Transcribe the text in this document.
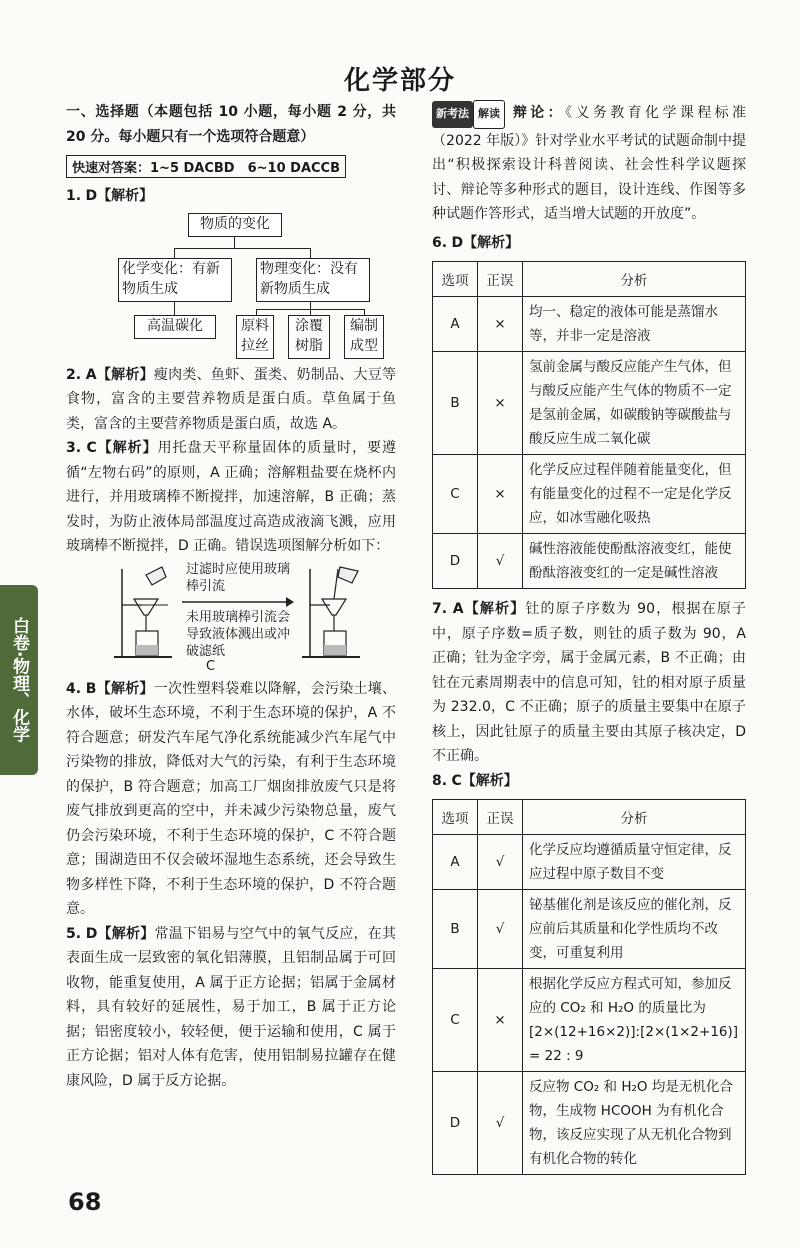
化学部分
白卷·物理、化学

一、选择题（本题包括 10 小题，每小题 2 分，共 20 分。每小题只有一个选项符合题意）

快速对答案：1~5 DACBD　6~10 DACCB

1. D【解析】

物质的变化
化学变化：有新物质生成
物理变化：没有新物质生成
高温碳化	原料拉丝
涂覆树脂
编制成型

2. A【解析】瘦肉类、鱼虾、蛋类、奶制品、大豆等食物，富含的主要营养物质是蛋白质。草鱼属于鱼类，富含的主要营养物质是蛋白质，故选 A。

3. C【解析】用托盘天平称量固体的质量时，要遵循“左物右码”的原则，A 正确；溶解粗盐要在烧杯内进行，并用玻璃棒不断搅拌，加速溶解，B 正确；蒸发时，为防止液体局部温度过高造成液滴飞溅，应用玻璃棒不断搅拌，D 正确。错误选项图解分析如下：

过滤时应使用玻璃棒引流
未用玻璃棒引流会导致液体溅出或冲破滤纸
C

4. B【解析】一次性塑料袋难以降解，会污染土壤、水体，破坏生态环境，不利于生态环境的保护，A 不符合题意；研发汽车尾气净化系统能减少汽车尾气中污染物的排放，降低对大气的污染，有利于生态环境的保护，B 符合题意；加高工厂烟囱排放废气只是将废气排放到更高的空中，并未减少污染物总量，废气仍会污染环境，不利于生态环境的保护，C 不符合题意；围湖造田不仅会破坏湿地生态系统，还会导致生物多样性下降，不利于生态环境的保护，D 不符合题意。

5. D【解析】常温下铝易与空气中的氧气反应，在其表面生成一层致密的氧化铝薄膜，且铝制品属于可回收物，能重复使用，A 属于正方论据；铝属于金属材料，具有较好的延展性，易于加工，B 属于正方论据；铝密度较小，较轻便，便于运输和使用，C 属于正方论据；铝对人体有危害，使用铝制易拉罐存在健康风险，D 属于反方论据。

新考法 解读 辩论：《义务教育化学课程标准（2022 年版）》针对学业水平考试的试题命制中提出“积极探索设计科普阅读、社会性科学议题探讨、辩论等多种形式的题目，设计连线、作图等多种试题作答形式，适当增大试题的开放度”。

6. D【解析】

选项	正误	分析
A	×	均一、稳定的液体可能是蒸馏水等，并非一定是溶液
B	×	氢前金属与酸反应能产生气体，但与酸反应能产生气体的物质不一定是氢前金属，如碳酸钠等碳酸盐与酸反应生成二氧化碳
C	×	化学反应过程伴随着能量变化，但有能量变化的过程不一定是化学反应，如冰雪融化吸热
D	√	碱性溶液能使酚酞溶液变红，能使酚酞溶液变红的一定是碱性溶液

7. A【解析】钍的原子序数为 90，根据在原子中，原子序数=质子数，则钍的质子数为 90，A 正确；钍为金字旁，属于金属元素，B 不正确；由钍在元素周期表中的信息可知，钍的相对原子质量为 232.0，C 不正确；原子的质量主要集中在原子核上，因此钍原子的质量主要由其原子核决定，D 不正确。

8. C【解析】

选项	正误	分析
A	√	化学反应均遵循质量守恒定律，反应过程中原子数目不变
B	√	铋基催化剂是该反应的催化剂，反应前后其质量和化学性质均不改变，可重复利用
C	×	根据化学反应方程式可知，参加反应的 CO₂ 和 H₂O 的质量比为[2×(12+16×2)]:[2×(1×2+16)] = 22 : 9
D	√	反应物 CO₂ 和 H₂O 均是无机化合物，生成物 HCOOH 为有机化合物，该反应实现了从无机化合物到有机化合物的转化
68
